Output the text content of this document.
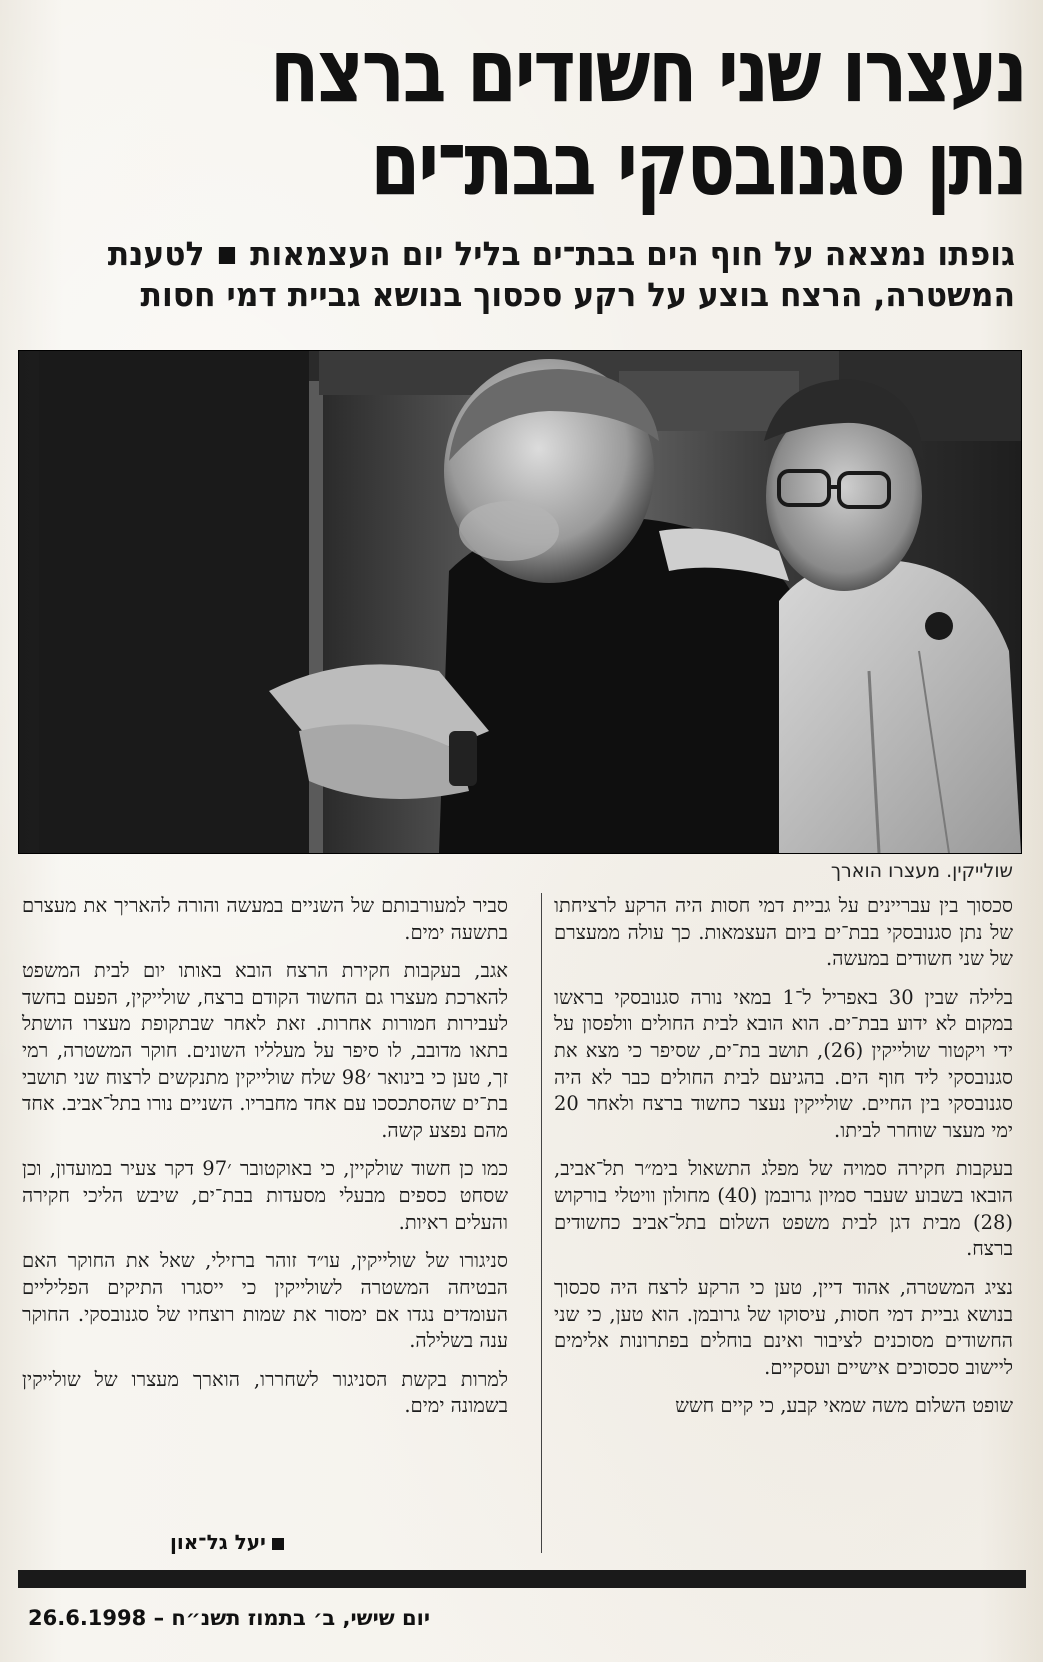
נעצרו שני חשודים ברצח
נתן סגנובסקי בבת־ים
גופתו נמצאה על חוף הים בבת־ים בליל יום העצמאות  לטענת
המשטרה, הרצח בוצע על רקע סכסוך בנושא גביית דמי חסות
שולייקין. מעצרו הוארך

סכסוך בין עבריינים על גביית דמי חסות היה הרקע לרציחתו של נתן סגנובסקי בבת־ים ביום העצמאות. כך עולה ממעצרם של שני חשודים במעשה.

בלילה שבין 30 באפריל ל־1 במאי נורה סגנובסקי בראשו במקום לא ידוע בבת־ים. הוא הובא לבית החולים וולפסון על ידי ויקטור שולייקין (26), תושב בת־ים, שסיפר כי מצא את סגנובסקי ליד חוף הים. בהגיעם לבית החולים כבר לא היה סגנובסקי בין החיים. שולייקין נעצר כחשוד ברצח ולאחר 20 ימי מעצר שוחרר לביתו.

בעקבות חקירה סמויה של מפלג התשאול בימ״ר תל־אביב, הובאו בשבוע שעבר סמיון גרובמן (40) מחולון וויטלי בורקוש (28) מבית דגן לבית משפט השלום בתל־אביב כחשודים ברצח.

נציג המשטרה, אהוד דיין, טען כי הרקע לרצח היה סכסוך בנושא גביית דמי חסות, עיסוקו של גרובמן. הוא טען, כי שני החשודים מסוכנים לציבור ואינם בוחלים בפתרונות אלימים ליישוב סכסוכים אישיים ועסקיים.

שופט השלום משה שמאי קבע, כי קיים חשש

סביר למעורבותם של השניים במעשה והורה להאריך את מעצרם בתשעה ימים.

אגב, בעקבות חקירת הרצח הובא באותו יום לבית המשפט להארכת מעצרו גם החשוד הקודם ברצח, שולייקין, הפעם בחשד לעבירות חמורות אחרות. זאת לאחר שבתקופת מעצרו הושתל בתאו מדובב, לו סיפר על מעלליו השונים. חוקר המשטרה, רמי זך, טען כי בינואר ׳98 שלח שולייקין מתנקשים לרצוח שני תושבי בת־ים שהסתכסכו עם אחד מחבריו. השניים נורו בתל־אביב. אחד מהם נפצע קשה.

כמו כן חשוד שולקיין, כי באוקטובר ׳97 דקר צעיר במועדון, וכן שסחט כספים מבעלי מסעדות בבת־ים, שיבש הליכי חקירה והעלים ראיות.

סניגורו של שולייקין, עו״ד זוהר ברזילי, שאל את החוקר האם הבטיחה המשטרה לשולייקין כי ייסגרו התיקים הפליליים העומדים נגדו אם ימסור את שמות רוצחיו של סגנובסקי. החוקר ענה בשלילה.

למרות בקשת הסניגור לשחררו, הוארך מעצרו של שולייקין בשמונה ימים.

יעל גל־און
יום שישי, ב׳ בתמוז תשנ״ח – 26.6.1998
